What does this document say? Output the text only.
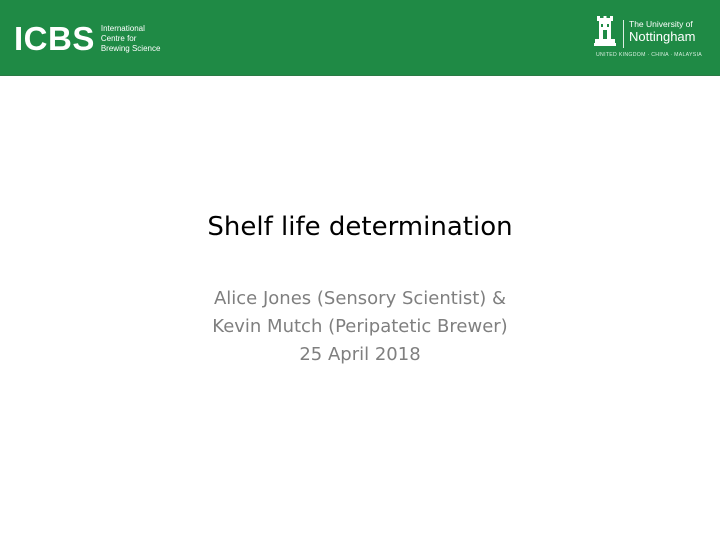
ICBS International
Centre for
Brewing Science
The University of
Nottingham
UNITED KINGDOM · CHINA · MALAYSIA
Shelf life determination
Alice Jones (Sensory Scientist) &
Kevin Mutch (Peripatetic Brewer)
25 April 2018
